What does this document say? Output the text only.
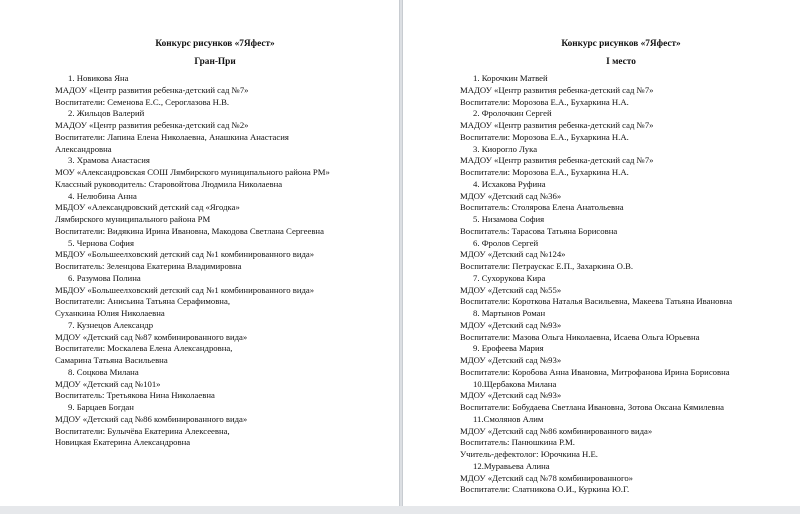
Конкурс рисунков «7Яфест»
Гран-При
1. Новикова Яна
МАДОУ «Центр развития ребенка-детский сад №7»
Воспитатели: Семенова Е.С., Сероглазова Н.В.
2. Жильцов Валерий
МАДОУ «Центр развития ребенка-детский сад №2»
Воспитатели: Лапина Елена Николаевна, Анашкина Анастасия
Александровна
3. Храмова Анастасия
МОУ «Александровская СОШ Лямбирского муниципального района РМ»
Классный руководитель: Старовойтова Людмила Николаевна
4. Нелюбина Анна
МБДОУ «Александровский детский сад «Ягодка»
Лямбирского муниципального района РМ
Воспитатели: Видякина Ирина Ивановна, Макодова Светлана Сергеевна
5. Чернова София
МБДОУ «Большеелховский детский сад №1 комбинированного вида»
Воспитатель: Зеленцова Екатерина Владимировна
6. Разумова Полина
МБДОУ «Большеелховский детский сад №1 комбинированного вида»
Воспитатели: Анисьина Татьяна Серафимовна,
Суханкина Юлия Николаевна
7. Кузнецов Александр
МДОУ «Детский сад №87 комбинированного вида»
Воспитатели: Москалева Елена Александровна,
Самарина Татьяна Васильевна
8. Соцкова Милана
МДОУ «Детский сад №101»
Воспитатель: Третьякова Нина Николаевна
9. Барцаев Богдан
МДОУ «Детский сад №86 комбинированного вида»
Воспитатели: Булычёва Екатерина Алексеевна,
Новицкая Екатерина Александровна
Конкурс рисунков «7Яфест»
I место
1. Корочкин Матвей
МАДОУ «Центр развития ребенка-детский сад №7»
Воспитатели: Морозова Е.А., Бухаркина Н.А.
2. Фролочкин Сергей
МАДОУ «Центр развития ребенка-детский сад №7»
Воспитатели: Морозова Е.А., Бухаркина Н.А.
3. Киорогло Лука
МАДОУ «Центр развития ребенка-детский сад №7»
Воспитатели: Морозова Е.А., Бухаркина Н.А.
4. Исхакова Руфина
МДОУ «Детский сад №36»
Воспитатель: Столярова Елена Анатольевна
5. Низамова София
Воспитатель: Тарасова Татьяна Борисовна
6. Фролов Сергей
МДОУ «Детский сад №124»
Воспитатели: Петраускас Е.П., Захаркина О.В.
7. Сухорукова Кира
МДОУ «Детский сад №55»
Воспитатели: Короткова Наталья Васильевна, Макеева Татьяна Ивановна
8. Мартынов Роман
МДОУ «Детский сад №93»
Воспитатели: Мазова Ольга Николаевна, Исаева Ольга Юрьевна
9. Ерофеева Мария
МДОУ «Детский сад №93»
Воспитатели: Коробова Анна Ивановна, Митрофанова Ирина Борисовна
10.Щербакова Милана
МДОУ «Детский сад №93»
Воспитатели: Бобудаева Светлана Ивановна, Зотова Оксана Кямилевна
11.Смолянов Алим
МДОУ «Детский сад №86 комбинированного вида»
Воспитатель: Панюшкина Р.М.
Учитель-дефектолог: Юрочкина Н.Е.
12.Муравьева Алина
МДОУ «Детский сад №78 комбинированного»
Воспитатели: Слатникова О.И., Куркина Ю.Г.
